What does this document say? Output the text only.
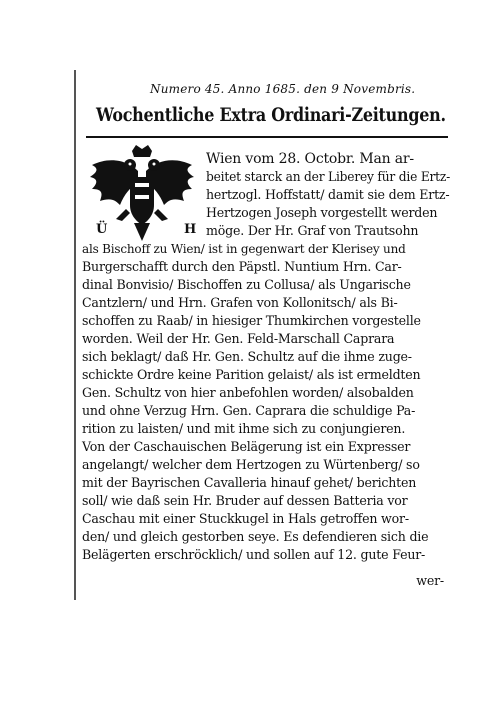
Numero 45. Anno 1685. den 9 Novembris.
Wochentliche Extra Ordinari-Zeitungen.
Ü	H
Wien vom 28. Octobr. Man ar-
beitet starck an der Liberey für die Ertz-
hertzogl. Hoffstatt/ damit sie dem Ertz-
Hertzogen Joseph vorgestellt werden
möge. Der Hr. Graf von Trautsohn
als Bischoff zu Wien/ ist in gegenwart der Klerisey und
Burgerschafft durch den Päpstl. Nuntium Hrn. Car-
dinal Bonvisio/ Bischoffen zu Collusa/ als Ungarische
Cantzlern/ und Hrn. Grafen von Kollonitsch/ als Bi-
schoffen zu Raab/ in hiesiger Thumkirchen vorgestelle
worden. Weil der Hr. Gen. Feld-Marschall Caprara
sich beklagt/ daß Hr. Gen. Schultz auf die ihme zuge-
schickte Ordre keine Parition gelaist/ als ist ermeldten
Gen. Schultz von hier anbefohlen worden/ alsobalden
und ohne Verzug Hrn. Gen. Caprara die schuldige Pa-
rition zu laisten/ und mit ihme sich zu conjungieren.
Von der Caschauischen Belägerung ist ein Expresser
angelangt/ welcher dem Hertzogen zu Würtenberg/ so
mit der Bayrischen Cavalleria hinauf gehet/ berichten
soll/ wie daß sein Hr. Bruder auf dessen Batteria vor
Caschau mit einer Stuckkugel in Hals getroffen wor-
den/ und gleich gestorben seye. Es defendieren sich die
Belägerten erschröcklich/ und sollen auf 12. gute Feur-
wer-
